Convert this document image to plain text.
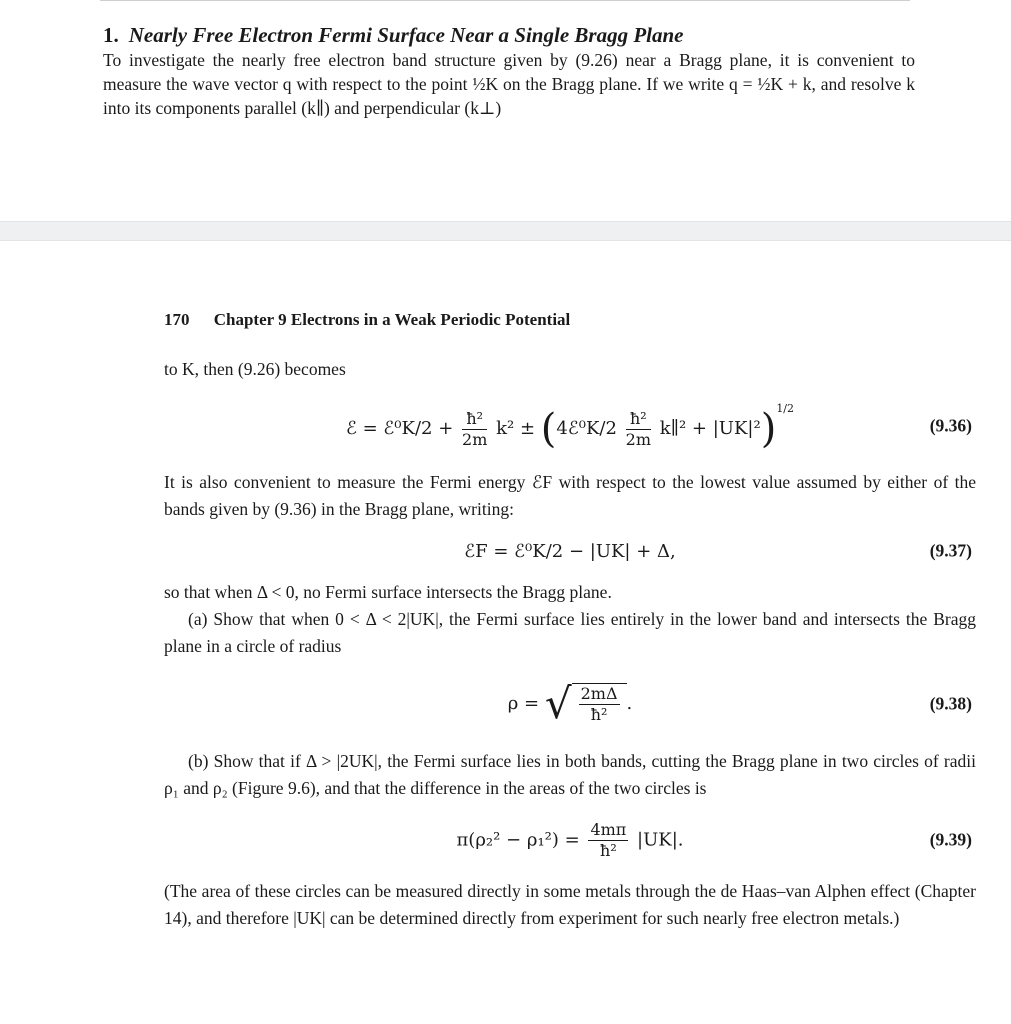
1. Nearly Free Electron Fermi Surface Near a Single Bragg Plane

To investigate the nearly free electron band structure given by (9.26) near a Bragg plane, it is convenient to measure the wave vector q with respect to the point ½K on the Bragg plane. If we write q = ½K + k, and resolve k into its components parallel (k∥) and perpendicular (k⊥)

170 Chapter 9 Electrons in a Weak Periodic Potential

to K, then (9.26) becomes

ℰ = ℰ⁰K/2 + $\frac{\text{ħ²}}{2m} k^2$ ± (4ℰ⁰K/2 $\frac{\text{ħ²}}{2m}$ k∥² + |UK|²)$^{1/2}$
(9.36)

It is also convenient to measure the Fermi energy ℰF with respect to the lowest value assumed by either of the bands given by (9.36) in the Bragg plane, writing:

ℰF = ℰ⁰K/2 − |UK| + Δ,	(9.37)

so that when Δ < 0, no Fermi surface intersects the Bragg plane.

(a) Show that when 0 < Δ < 2|UK|, the Fermi surface lies entirely in the lower band and intersects the Bragg plane in a circle of radius

ρ = √ $\frac{2m\Delta}{\text{ħ²}}$ .	(9.38)

(b) Show that if Δ > |2UK|, the Fermi surface lies in both bands, cutting the Bragg plane in two circles of radii ρ₁ and ρ₂ (Figure 9.6), and that the difference in the areas of the two circles is

$\pi(\rho_2^2 - \rho_1^2) = \frac{4m\pi}{\text{ħ²}} |UK|$.	(9.39)

(The area of these circles can be measured directly in some metals through the de Haas–van Alphen effect (Chapter 14), and therefore |UK| can be determined directly from experiment for such nearly free electron metals.)
